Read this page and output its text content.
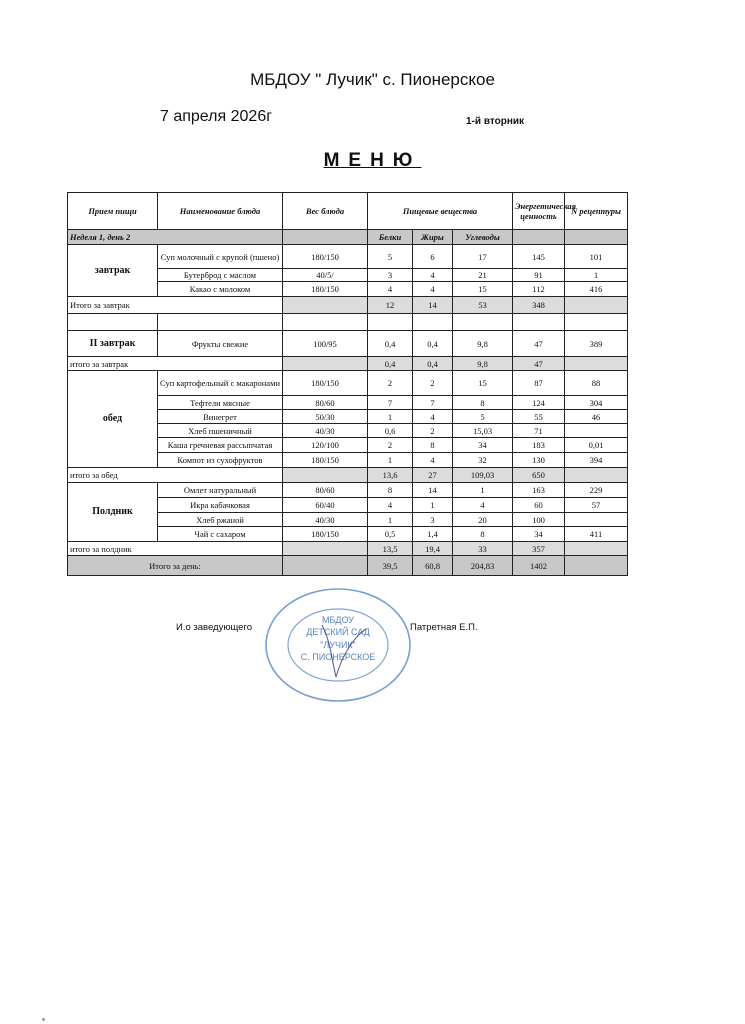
МБДОУ " Лучик" с. Пионерское
7 апреля 2026г	1-й вторник
МЕНЮ
Прием пищи	Наименование блюда	Вес блюда	Пищевые вещества			Энергетическая ценность	N рецептуры
Неделя 1, день 2			Белки	Жиры	Углеводы		
завтрак	Суп молочный с крупой (пшено)	180/150	5	6	17	145	101
	Бутерброд с маслом	40/5/	3	4	21	91	1
	Какао с молоком	180/150	4	4	15	112	416
Итого за завтрак			12	14	53	348	

II завтрак	Фрукты свежие	100/95	0,4	0,4	9,8	47	389
итого за завтрак			0,4	0,4	9,8	47	
обед	Суп картофельный с макаронами	180/150	2	2	15	87	88
	Тефтели мясные	80/60	7	7	8	124	304
	Винегрет	50/30	1	4	5	55	46
	Хлеб пшеничный	40/30	0,6	2	15,03	71	
	Каша гречневая рассыпчатая	120/100	2	8	34	183	0,01
	Компот из сухофруктов	180/150	1	4	32	130	394
итого за обед			13,6	27	109,03	650	
Полдник	Омлет натуральный	80/60	8	14	1	163	229
	Икра кабачковая	60/40	4	1	4	60	57
	Хлеб ржаной	40/30	1	3	20	100	
	Чай с сахаром	180/150	0,5	1,4	8	34	411
итого за полдник			13,5	19,4	33	357	
Итого за день:			39,5	60,8	204,83	1402	
И.о заведующего	Патретная Е.П.
МБДОУ
ДЕТСКИЙ САД
"ЛУЧИК"
С. ПИОНЕРСКОЕ
